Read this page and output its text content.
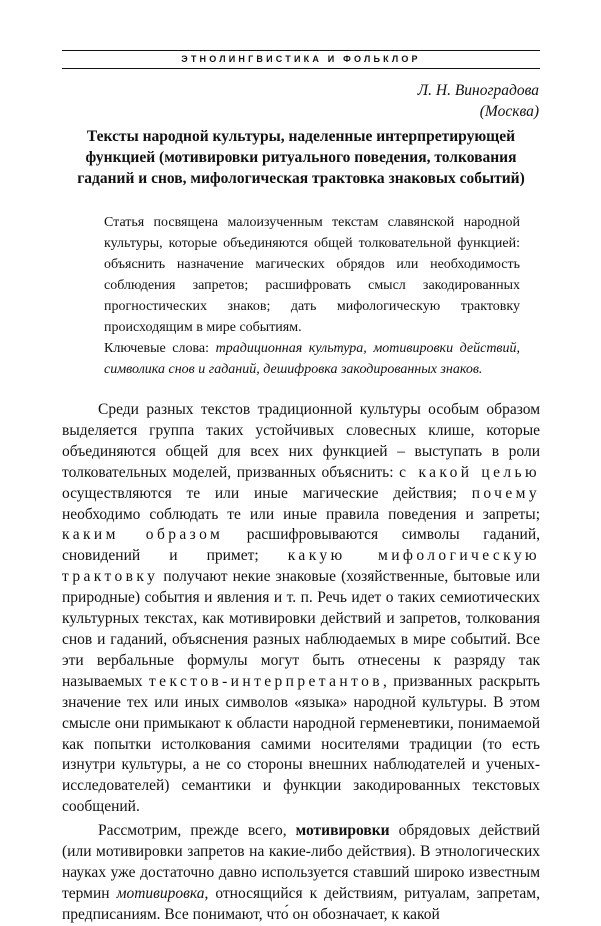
ЭТНОЛИНГВИСТИКА И ФОЛЬКЛОР
Л. Н. Виноградова
(Москва)
Тексты народной культуры, наделенные интерпретирующей функцией (мотивировки ритуального поведения, толкования гаданий и снов, мифологическая трактовка знаковых событий)

Статья посвящена малоизученным текстам славянской народной культуры, которые объединяются общей толковательной функцией: объяснить назначение магических обрядов или необходимость соблюдения запретов; расшифровать смысл закодированных прогностических знаков; дать мифологическую трактовку происходящим в мире событиям.

Ключевые слова: традиционная культура, мотивировки действий, символика снов и гаданий, дешифровка закодированных знаков.

Среди разных текстов традиционной культуры особым образом выделяется группа таких устойчивых словесных клише, которые объединяются общей для всех них функцией – выступать в роли толковательных моделей, призванных объяснить: с какой целью осуществляются те или иные магические действия; почему необходимо соблюдать те или иные правила поведения и запреты; каким образом расшифровываются символы гаданий, сновидений и примет; какую мифологическую трактовку получают некие знаковые (хозяйственные, бытовые или природные) события и явления и т. п. Речь идет о таких семиотических культурных текстах, как мотивировки действий и запретов, толкования снов и гаданий, объяснения разных наблюдаемых в мире событий. Все эти вербальные формулы могут быть отнесены к разряду так называемых текстов-интерпретантов, призванных раскрыть значение тех или иных символов «языка» народной культуры. В этом смысле они примыкают к области народной герменевтики, понимаемой как попытки истолкования самими носителями традиции (то есть изнутри культуры, а не со стороны внешних наблюдателей и ученых-исследователей) семантики и функции закодированных текстовых сообщений.

Рассмотрим, прежде всего, мотивировки обрядовых действий (или мотивировки запретов на какие-либо действия). В этнологических науках уже достаточно давно используется ставший широко известным термин мотивировка, относящийся к действиям, ритуалам, запретам, предписаниям. Все понимают, что́ он обозначает, к какой
